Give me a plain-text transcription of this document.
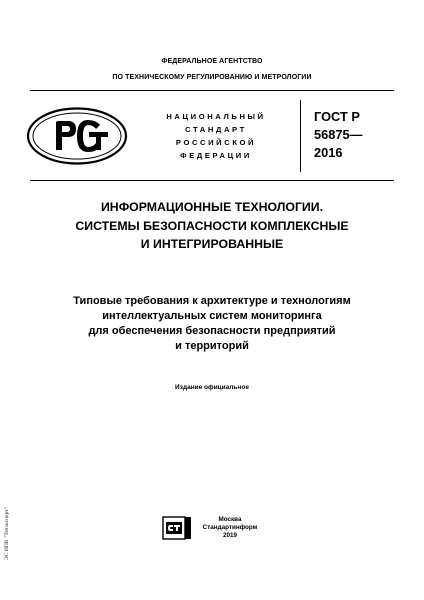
ФЕДЕРАЛЬНОЕ АГЕНТСТВО
ПО ТЕХНИЧЕСКОМУ РЕГУЛИРОВАНИЮ И МЕТРОЛОГИИ
НАЦИОНАЛЬНЫЙ
СТАНДАРТ
РОССИЙСКОЙ
ФЕДЕРАЦИИ
ГОСТ Р
56875—
2016
ИНФОРМАЦИОННЫЕ ТЕХНОЛОГИИ.
СИСТЕМЫ БЕЗОПАСНОСТИ КОМПЛЕКСНЫЕ
И ИНТЕГРИРОВАННЫЕ
Типовые требования к архитектуре и технологиям
интеллектуальных систем мониторинга
для обеспечения безопасности предприятий
и территорий
Издание официальное
Москва
Стандартинформ
2019
ЭС ИПК "Техэксперт"
